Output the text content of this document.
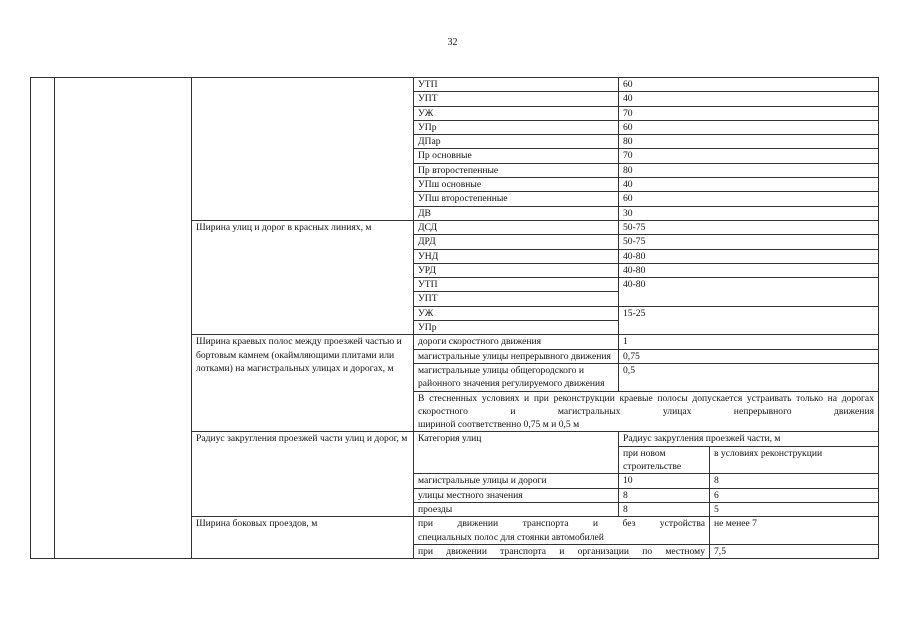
32
			УТП	60	
			УПТ	40	
			УЖ	70	
			УПр	60	
			ДПар	80	
			Пр основные	70	
			Пр второстепенные	80	
			УПш основные	40	
			УПш второстепенные	60	
			ДВ	30	
		Ширина улиц и дорог в красных линиях, м	ДСД	50-75	
			ДРД	50-75	
			УНД	40-80	
			УРД	40-80	
			УТП	40-80	
			УПТ		
			УЖ	15-25	
			УПр		
		Ширина краевых полос между проезжей частью и бортовым камнем (окаймляющими плитами или лотками) на магистральных улицах и дорогах, м	дороги скоростного движения	1	
			магистральные улицы непрерывного движения	0,75	
			магистральные улицы общегородского и районного значения регулируемого движения	0,5	

			В стесненных условиях и при реконструкции краевые полосы допускается устраивать только на дорогах скоростного и магистральных улицах непрерывного движения
шириной соответственно 0,75 м и 0,5 м		

		Радиус закругления проезжей части улиц и дорог, м	Категория улиц	Радиус закругления проезжей части, м	
				при новом строительстве	в условиях реконструкции
			магистральные улицы и дороги	10	8
			улицы местного значения	8	6
			проезды	8	5
		Ширина боковых проездов, м	при движении транспорта и без устройства
специальных полос для стоянки автомобилей		не менее 7

			при движении транспорта и организации по местному		7,5
